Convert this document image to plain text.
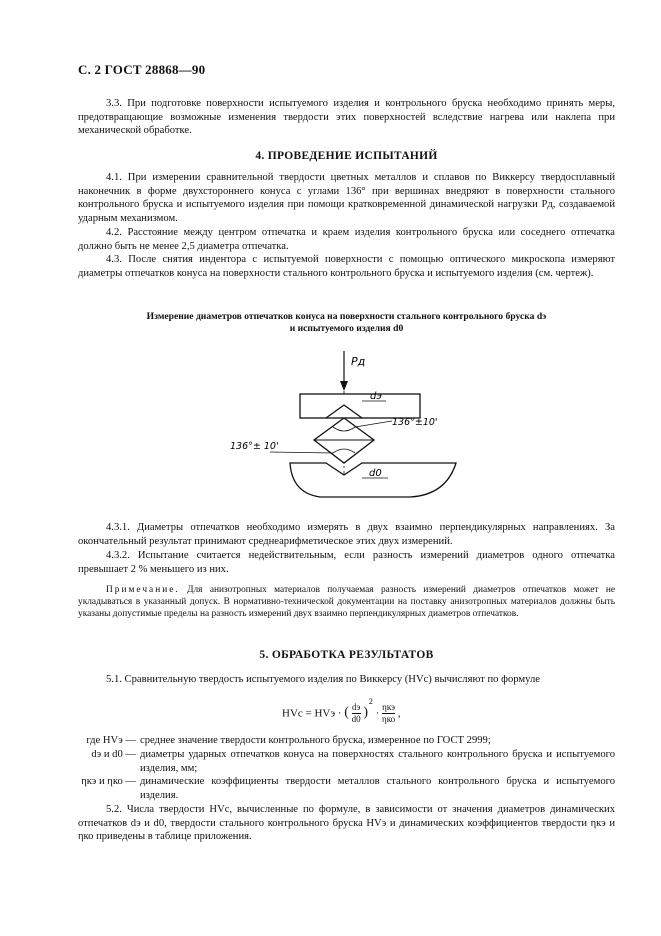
С. 2 ГОСТ 28868—90
3.3. При подготовке поверхности испытуемого изделия и контрольного бруска необходимо принять меры, предотвращающие возможные изменения твердости этих поверхностей вследствие нагрева или наклепа при механической обработке.
4. ПРОВЕДЕНИЕ ИСПЫТАНИЙ
4.1. При измерении сравнительной твердости цветных металлов и сплавов по Виккерсу твердосплавный наконечник в форме двухстороннего конуса с углами 136° при вершинах внедряют в поверхности стального контрольного бруска и испытуемого изделия при помощи кратковременной динамической нагрузки Pд, создаваемой ударным механизмом.
4.2. Расстояние между центром отпечатка и краем изделия контрольного бруска или соседнего отпечатка должно быть не менее 2,5 диаметра отпечатка.
4.3. После снятия индентора с испытуемой поверхности с помощью оптического микроскопа измеряют диаметры отпечатков конуса на поверхности стального контрольного бруска и испытуемого изделия (см. чертеж).
Измерение диаметров отпечатков конуса на поверхности стального контрольного бруска dэ
и испытуемого изделия d0
Pд
dэ
136°±10'
136°± 10'
d0
4.3.1. Диаметры отпечатков необходимо измерять в двух взаимно перпендикулярных направлениях. За окончательный результат принимают среднеарифметическое этих двух измерений.
4.3.2. Испытание считается недействительным, если разность измерений диаметров одного отпечатка превышает 2 % меньшего из них.
Примечание. Для анизотропных материалов получаемая разность измерений диаметров отпечатков может не укладываться в указанный допуск. В нормативно-технической документации на поставку анизотропных материалов должны быть указаны допустимые пределы на разность измерений двух взаимно перпендикулярных диаметров отпечатков.
5. ОБРАБОТКА РЕЗУЛЬТАТОВ
5.1. Сравнительную твердость испытуемого изделия по Виккерсу (HVс) вычисляют по формуле
HVс = HVэ · ( dэ
d0 ) $^2$ ·
ηкэ
ηко ,
где HVэ — среднее значение твердости контрольного бруска, измеренное по ГОСТ 2999;
dэ и d0 — диаметры ударных отпечатков конуса на поверхностях стального контрольного бруска и испытуемого изделия, мм;
ηкэ и ηко — динамические коэффициенты твердости металлов стального контрольного бруска и испытуемого изделия.
5.2. Числа твердости HVс, вычисленные по формуле, в зависимости от значения диаметров динамических отпечатков dэ и d0, твердости стального контрольного бруска HVэ и динамических коэффициентов твердости ηкэ и ηко приведены в таблице приложения.
